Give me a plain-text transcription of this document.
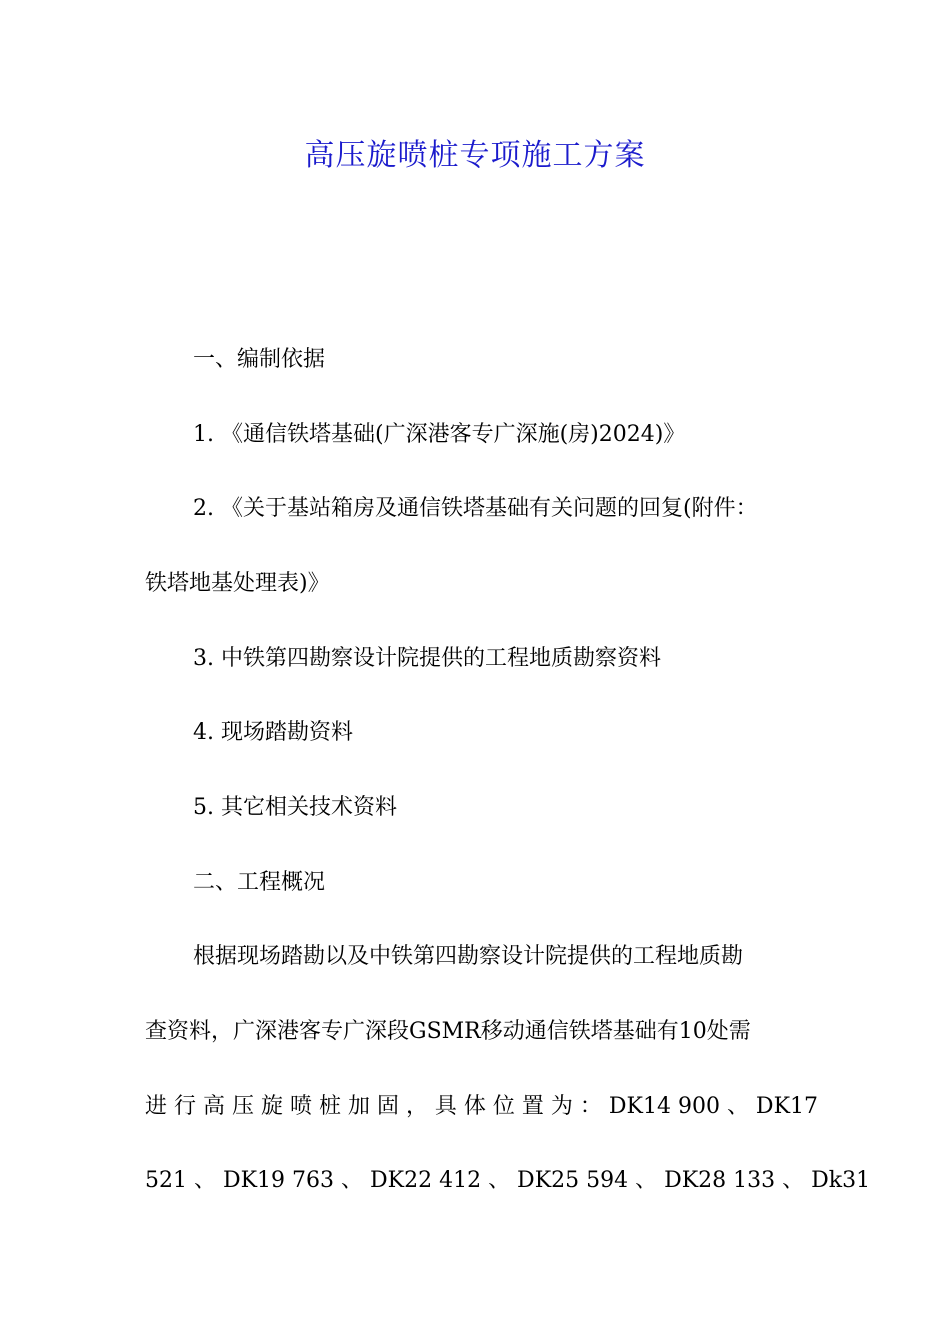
高压旋喷桩专项施工方案
一、编制依据
1. 《通信铁塔基础(广深港客专广深施(房)2024)》
2. 《关于基站箱房及通信铁塔基础有关问题的回复(附件：
铁塔地基处理表)》
3. 中铁第四勘察设计院提供的工程地质勘察资料
4. 现场踏勘资料
5. 其它相关技术资料
二、工程概况
根据现场踏勘以及中铁第四勘察设计院提供的工程地质勘
查资料，广深港客专广深段GSMR移动通信铁塔基础有10处需
进 行 高 压 旋 喷 桩 加 固 ， 具 体 位 置 为 ： DK14 900 、 DK17
521 、 DK19 763 、 DK22 412 、 DK25 594 、 DK28 133 、 Dk31
